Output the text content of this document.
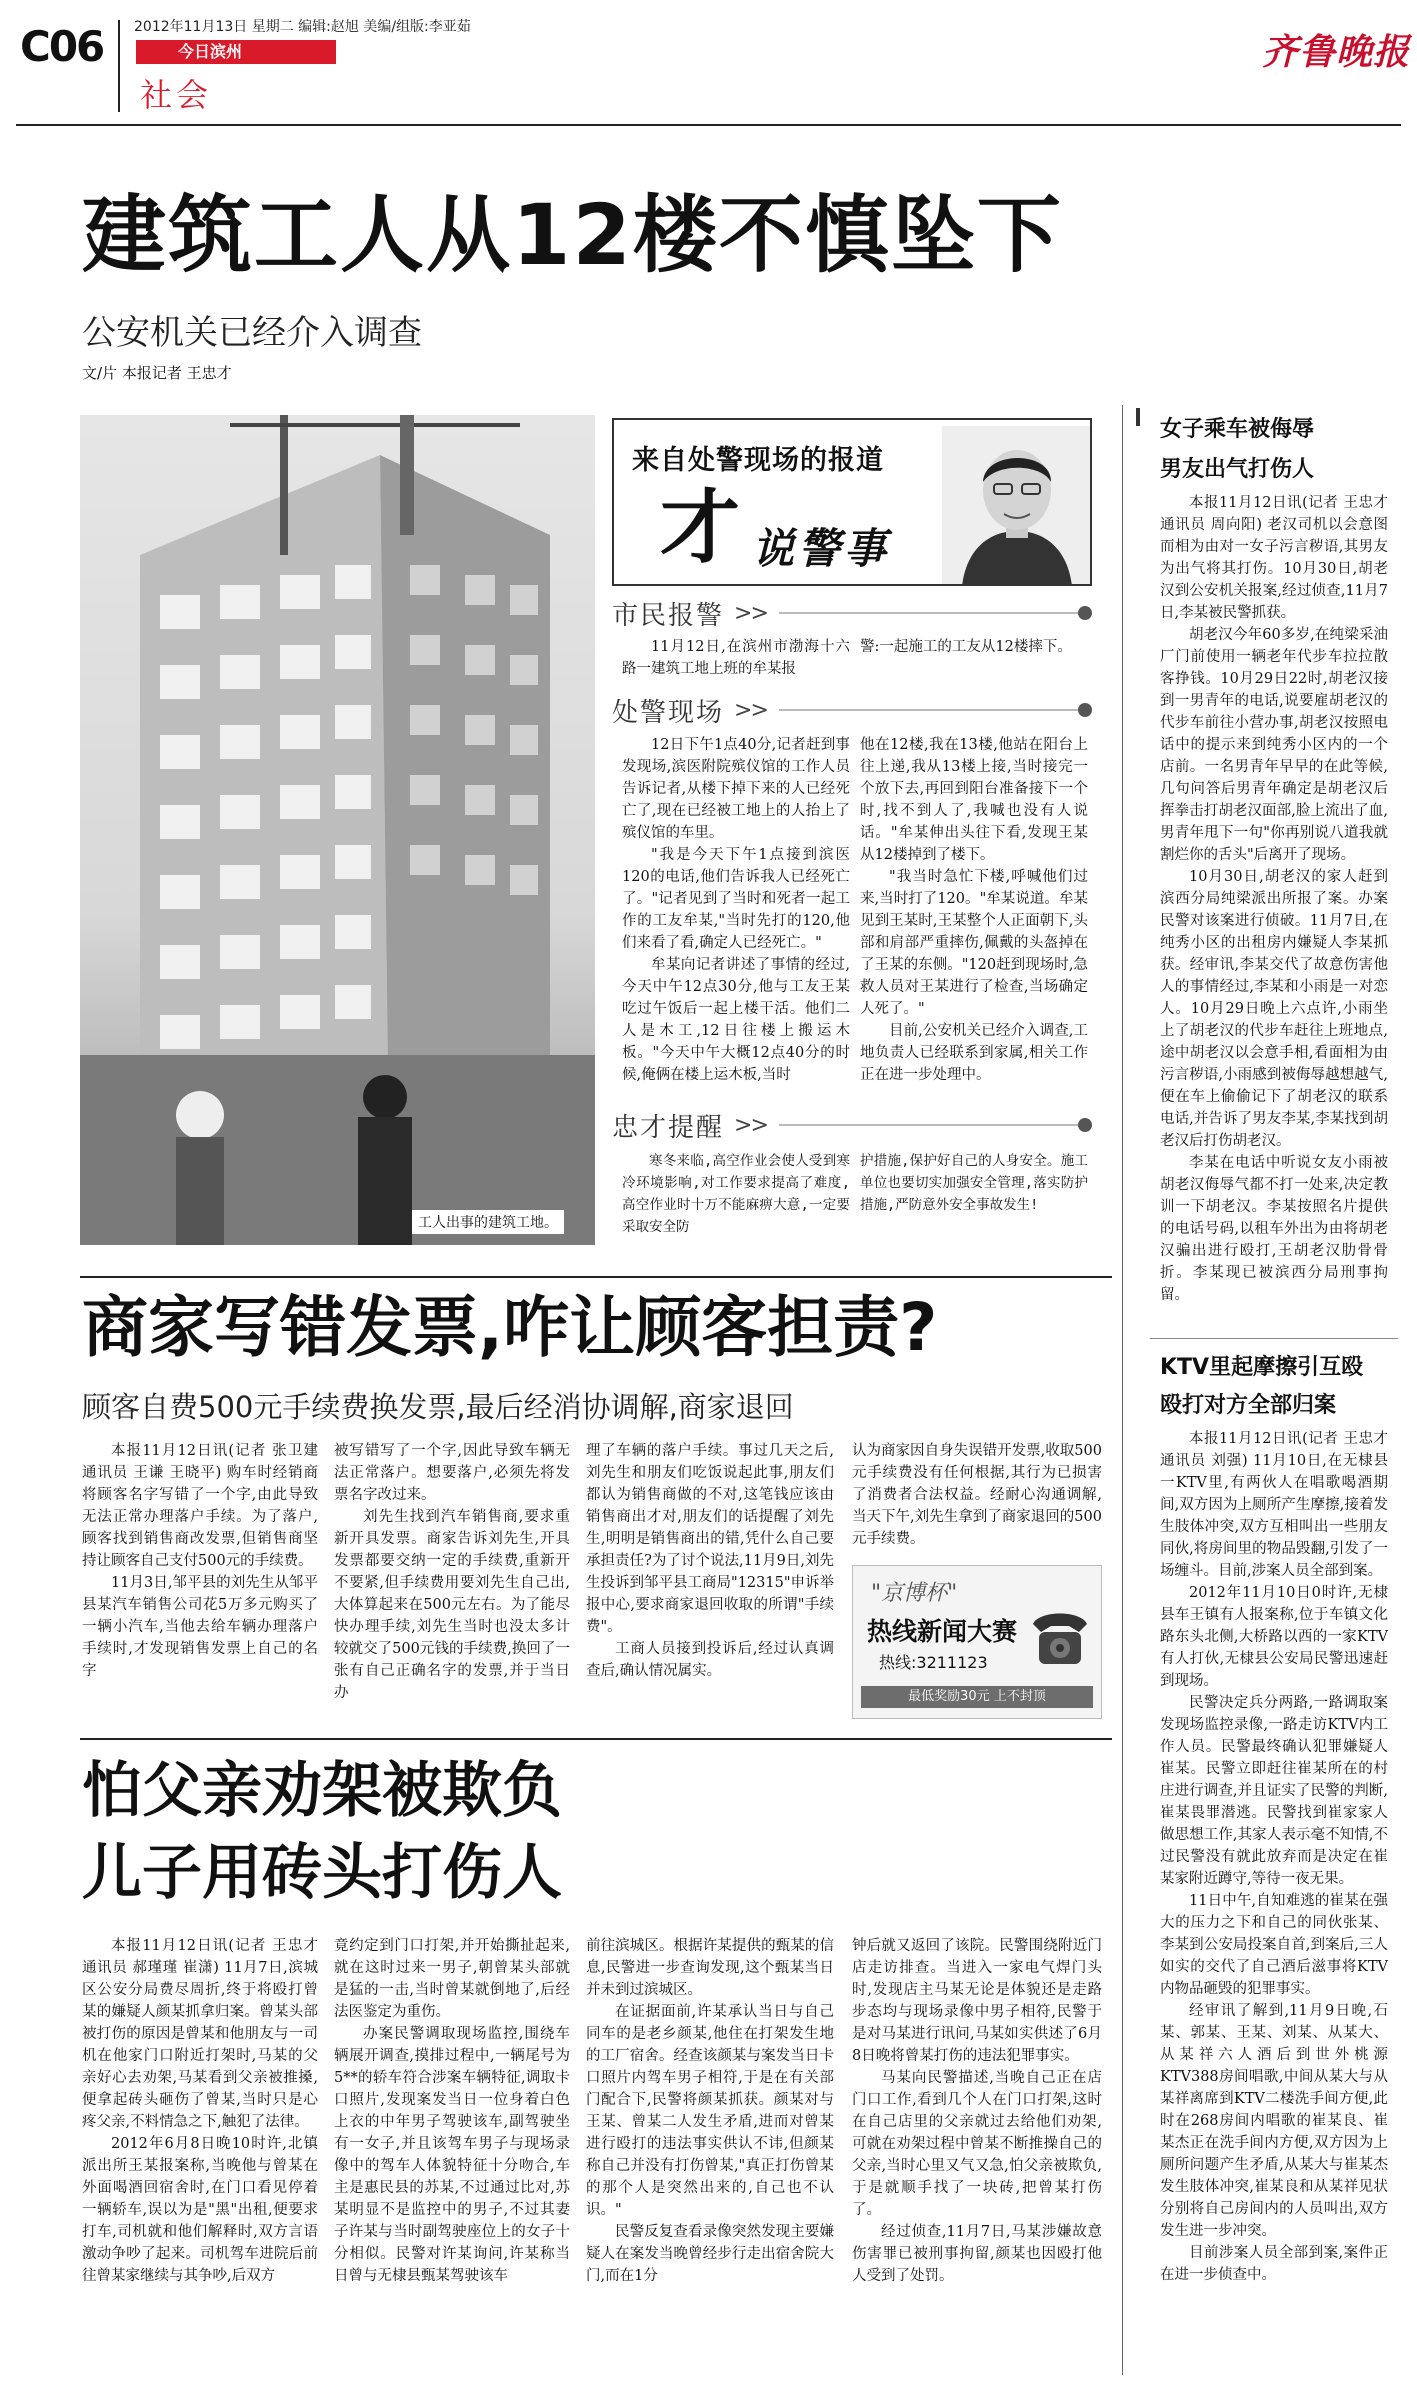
C06 2012年11月13日 星期二 编辑:赵旭 美编/组版:李亚茹
今日滨州
社会
齐鲁晚报
建筑工人从12楼不慎坠下
公安机关已经介入调查
文/片 本报记者 王忠才
工人出事的建筑工地。
来自处警现场的报道
才 说警事
市民报警 >>

11月12日,在滨州市渤海十六路一建筑工地上班的牟某报

警:一起施工的工友从12楼摔下。

处警现场 >>

12日下午1点40分,记者赶到事发现场,滨医附院殡仪馆的工作人员告诉记者,从楼下掉下来的人已经死亡了,现在已经被工地上的人抬上了殡仪馆的车里。

"我是今天下午1点接到滨医120的电话,他们告诉我人已经死亡了。"记者见到了当时和死者一起工作的工友牟某,"当时先打的120,他们来看了看,确定人已经死亡。"

牟某向记者讲述了事情的经过,今天中午12点30分,他与工友王某吃过午饭后一起上楼干活。他们二人是木工,12日往楼上搬运木板。"今天中午大概12点40分的时候,俺俩在楼上运木板,当时

他在12楼,我在13楼,他站在阳台上往上递,我从13楼上接,当时接完一个放下去,再回到阳台准备接下一个时,找不到人了,我喊也没有人说话。"牟某伸出头往下看,发现王某从12楼掉到了楼下。

"我当时急忙下楼,呼喊他们过来,当时打了120。"牟某说道。牟某见到王某时,王某整个人正面朝下,头部和肩部严重摔伤,佩戴的头盔掉在了王某的东侧。"120赶到现场时,急救人员对王某进行了检查,当场确定人死了。"

目前,公安机关已经介入调查,工地负责人已经联系到家属,相关工作正在进一步处理中。

忠才提醒 >>

寒冬来临,高空作业会使人受到寒冷环境影响,对工作要求提高了难度,高空作业时十万不能麻痹大意,一定要采取安全防

护措施,保护好自己的人身安全。施工单位也要切实加强安全管理,落实防护措施,严防意外安全事故发生!

商家写错发票,咋让顾客担责?
顾客自费500元手续费换发票,最后经消协调解,商家退回

本报11月12日讯(记者 张卫建 通讯员 王谦 王晓平) 购车时经销商将顾客名字写错了一个字,由此导致无法正常办理落户手续。为了落户,顾客找到销售商改发票,但销售商坚持让顾客自己支付500元的手续费。

11月3日,邹平县的刘先生从邹平县某汽车销售公司花5万多元购买了一辆小汽车,当他去给车辆办理落户手续时,才发现销售发票上自己的名字

被写错写了一个字,因此导致车辆无法正常落户。想要落户,必须先将发票名字改过来。

刘先生找到汽车销售商,要求重新开具发票。商家告诉刘先生,开具发票都要交纳一定的手续费,重新开不要紧,但手续费用要刘先生自己出,大体算起来在500元左右。为了能尽快办理手续,刘先生当时也没太多计较就交了500元钱的手续费,换回了一张有自己正确名字的发票,并于当日办

理了车辆的落户手续。事过几天之后,刘先生和朋友们吃饭说起此事,朋友们都认为销售商做的不对,这笔钱应该由销售商出才对,朋友们的话提醒了刘先生,明明是销售商出的错,凭什么自己要承担责任?为了讨个说法,11月9日,刘先生投诉到邹平县工商局"12315"申诉举报中心,要求商家退回收取的所谓"手续费"。

工商人员接到投诉后,经过认真调查后,确认情况属实。

认为商家因自身失误错开发票,收取500元手续费没有任何根据,其行为已损害了消费者合法权益。经耐心沟通调解,当天下午,刘先生拿到了商家退回的500元手续费。

"京博杯"
热线新闻大赛
热线:3211123
最低奖励30元 上不封顶
怕父亲劝架被欺负
儿子用砖头打伤人

本报11月12日讯(记者 王忠才 通讯员 郝瑾瑾 崔潇) 11月7日,滨城区公安分局费尽周折,终于将殴打曾某的嫌疑人颜某抓拿归案。曾某头部被打伤的原因是曾某和他朋友与一司机在他家门口附近打架时,马某的父亲好心去劝架,马某看到父亲被推搡,便拿起砖头砸伤了曾某,当时只是心疼父亲,不料情急之下,触犯了法律。

2012年6月8日晚10时许,北镇派出所王某报案称,当晚他与曾某在外面喝酒回宿舍时,在门口看见停着一辆轿车,误以为是"黑"出租,便要求打车,司机就和他们解释时,双方言语激动争吵了起来。司机驾车进院后前往曾某家继续与其争吵,后双方

竟约定到门口打架,并开始撕扯起来,就在这时过来一男子,朝曾某头部就是猛的一击,当时曾某就倒地了,后经法医鉴定为重伤。

办案民警调取现场监控,围绕车辆展开调查,摸排过程中,一辆尾号为5**的轿车符合涉案车辆特征,调取卡口照片,发现案发当日一位身着白色上衣的中年男子驾驶该车,副驾驶坐有一女子,并且该驾车男子与现场录像中的驾车人体貌特征十分吻合,车主是惠民县的苏某,不过通过比对,苏某明显不是监控中的男子,不过其妻子许某与当时副驾驶座位上的女子十分相似。民警对许某询问,许某称当日曾与无棣县甄某驾驶该车

前往滨城区。根据许某提供的甄某的信息,民警进一步查询发现,这个甄某当日并未到过滨城区。

在证据面前,许某承认当日与自己同车的是老乡颜某,他住在打架发生地的工厂宿舍。经查该颜某与案发当日卡口照片内驾车男子相符,于是在有关部门配合下,民警将颜某抓获。颜某对与王某、曾某二人发生矛盾,进而对曾某进行殴打的违法事实供认不讳,但颜某称自己并没有打伤曾某,"真正打伤曾某的那个人是突然出来的,自己也不认识。"

民警反复查看录像突然发现主要嫌疑人在案发当晚曾经步行走出宿舍院大门,而在1分

钟后就又返回了该院。民警围绕附近门店走访排查。当进入一家电气焊门头时,发现店主马某无论是体貌还是走路步态均与现场录像中男子相符,民警于是对马某进行讯问,马某如实供述了6月8日晚将曾某打伤的违法犯罪事实。

马某向民警描述,当晚自己正在店门口工作,看到几个人在门口打架,这时在自己店里的父亲就过去给他们劝架,可就在劝架过程中曾某不断推操自己的父亲,当时心里又气又急,怕父亲被欺负,于是就顺手找了一块砖,把曾某打伤了。

经过侦查,11月7日,马某涉嫌故意伤害罪已被刑事拘留,颜某也因殴打他人受到了处罚。

女子乘车被侮辱
男友出气打伤人

本报11月12日讯(记者 王忠才 通讯员 周向阳) 老汉司机以会意图而相为由对一女子污言秽语,其男友为出气将其打伤。10月30日,胡老汉到公安机关报案,经过侦查,11月7日,李某被民警抓获。

胡老汉今年60多岁,在纯梁采油厂门前使用一辆老年代步车拉拉散客挣钱。10月29日22时,胡老汉接到一男青年的电话,说要雇胡老汉的代步车前往小营办事,胡老汉按照电话中的提示来到纯秀小区内的一个店前。一名男青年早早的在此等候,几句问答后男青年确定是胡老汉后挥拳击打胡老汉面部,脸上流出了血,男青年甩下一句"你再别说八道我就割烂你的舌头"后离开了现场。

10月30日,胡老汉的家人赶到滨西分局纯梁派出所报了案。办案民警对该案进行侦破。11月7日,在纯秀小区的出租房内嫌疑人李某抓获。经审讯,李某交代了故意伤害他人的事情经过,李某和小雨是一对恋人。10月29日晚上六点许,小雨坐上了胡老汉的代步车赶往上班地点,途中胡老汉以会意手相,看面相为由污言秽语,小雨感到被侮辱越想越气,便在车上偷偷记下了胡老汉的联系电话,并告诉了男友李某,李某找到胡老汉后打伤胡老汉。

李某在电话中听说女友小雨被胡老汉侮辱气都不打一处来,决定教训一下胡老汉。李某按照名片提供的电话号码,以租车外出为由将胡老汉骗出进行殴打,王胡老汉肋骨骨折。李某现已被滨西分局刑事拘留。

KTV里起摩擦引互殴
殴打对方全部归案

本报11月12日讯(记者 王忠才 通讯员 刘强) 11月10日,在无棣县一KTV里,有两伙人在唱歌喝酒期间,双方因为上厕所产生摩擦,接着发生肢体冲突,双方互相叫出一些朋友同伙,将房间里的物品毁翻,引发了一场缠斗。目前,涉案人员全部到案。

2012年11月10日0时许,无棣县车王镇有人报案称,位于车镇文化路东头北侧,大桥路以西的一家KTV有人打伙,无棣县公安局民警迅速赶到现场。

民警决定兵分两路,一路调取案发现场监控录像,一路走访KTV内工作人员。民警最终确认犯罪嫌疑人崔某。民警立即赶往崔某所在的村庄进行调查,并且证实了民警的判断,崔某畏罪潜逃。民警找到崔家家人做思想工作,其家人表示毫不知情,不过民警没有就此放弃而是决定在崔某家附近蹲守,等待一夜无果。

11日中午,自知难逃的崔某在强大的压力之下和自己的同伙张某、李某到公安局投案自首,到案后,三人如实的交代了自己酒后滋事将KTV内物品砸毁的犯罪事实。

经审讯了解到,11月9日晚,石某、郭某、王某、刘某、从某大、从某祥六人酒后到世外桃源KTV388房间唱歌,中间从某大与从某祥离席到KTV二楼洗手间方便,此时在268房间内唱歌的崔某良、崔某杰正在洗手间内方便,双方因为上厕所问题产生矛盾,从某大与崔某杰发生肢体冲突,崔某良和从某祥见状分别将自己房间内的人员叫出,双方发生进一步冲突。

目前涉案人员全部到案,案件正在进一步侦查中。
